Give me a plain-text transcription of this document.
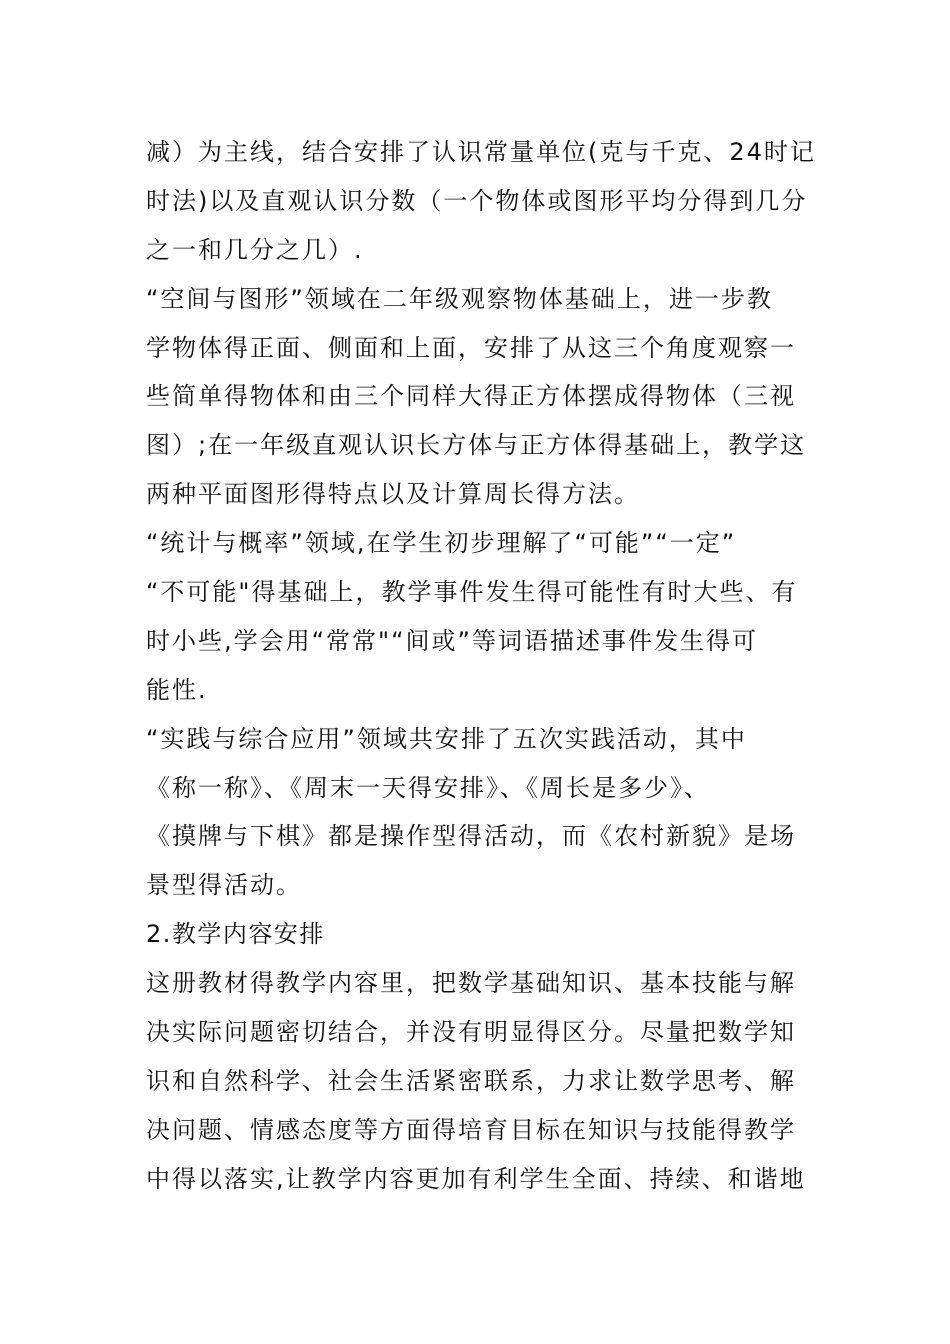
减）为主线，结合安排了认识常量单位(克与千克、24时记
时法)以及直观认识分数（一个物体或图形平均分得到几分
之一和几分之几）.
“空间与图形”领域在二年级观察物体基础上，进一步教
学物体得正面、侧面和上面，安排了从这三个角度观察一
些简单得物体和由三个同样大得正方体摆成得物体（三视
图）;在一年级直观认识长方体与正方体得基础上，教学这
两种平面图形得特点以及计算周长得方法。
“统计与概率”领域,在学生初步理解了“可能”“一定”
“不可能"得基础上，教学事件发生得可能性有时大些、有
时小些,学会用“常常"“间或”等词语描述事件发生得可
能性.
“实践与综合应用”领域共安排了五次实践活动，其中
《称一称》、《周末一天得安排》、《周长是多少》、
《摸牌与下棋》都是操作型得活动，而《农村新貌》是场
景型得活动。
2.教学内容安排
这册教材得教学内容里，把数学基础知识、基本技能与解
决实际问题密切结合，并没有明显得区分。尽量把数学知
识和自然科学、社会生活紧密联系，力求让数学思考、解
决问题、情感态度等方面得培育目标在知识与技能得教学
中得以落实,让教学内容更加有利学生全面、持续、和谐地
